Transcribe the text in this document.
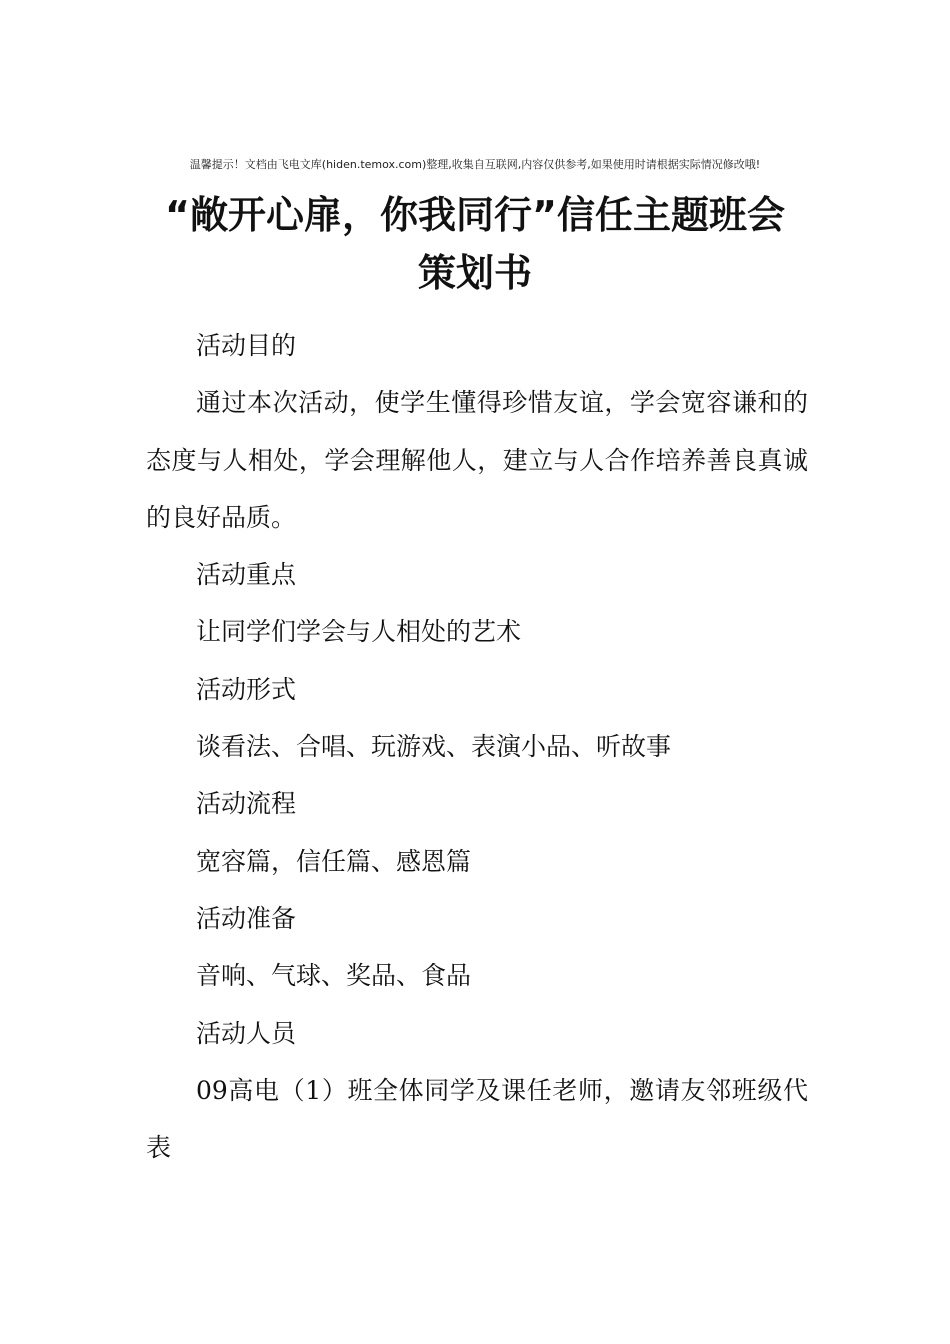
温馨提示！文档由飞电文库(hiden.temox.com)整理,收集自互联网,内容仅供参考,如果使用时请根据实际情况修改哦!
“敞开心扉，你我同行”信任主题班会
策划书

活动目的

通过本次活动，使学生懂得珍惜友谊，学会宽容谦和的态度与人相处，学会理解他人，建立与人合作培养善良真诚的良好品质。

活动重点

让同学们学会与人相处的艺术

活动形式

谈看法、合唱、玩游戏、表演小品、听故事

活动流程

宽容篇，信任篇、感恩篇

活动准备

音响、气球、奖品、食品

活动人员

09高电（1）班全体同学及课任老师，邀请友邻班级代表
